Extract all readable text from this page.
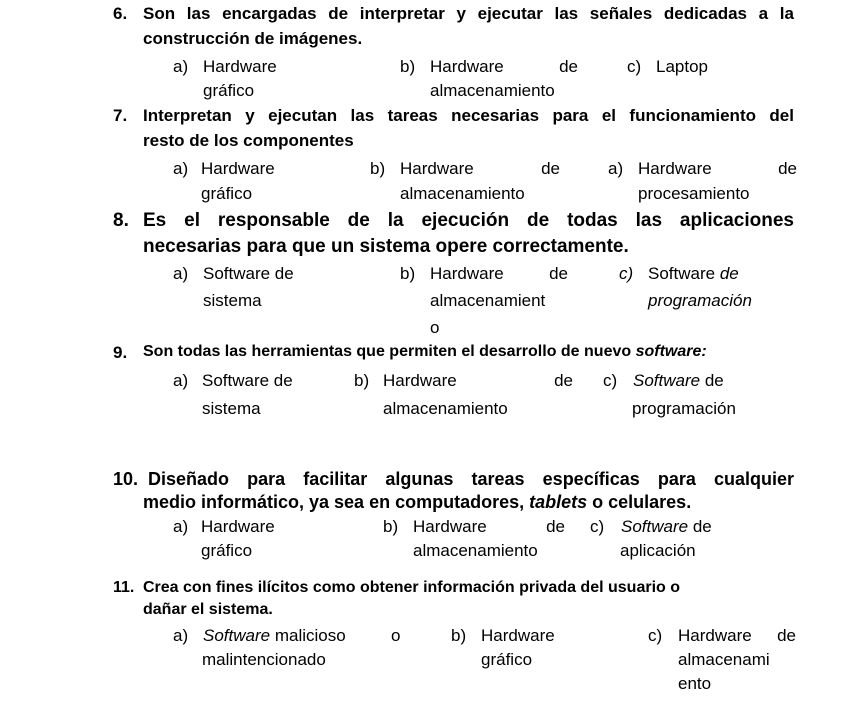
6. Son las encargadas de interpretar y ejecutar las señales dedicadas a la
construcción de imágenes.
a) Hardware
gráfico
b) Hardware	de
almacenamiento
c) Laptop
7. Interpretan y ejecutan las tareas necesarias para el funcionamiento del
resto de los componentes
a) Hardware
gráfico
b) Hardware	de
almacenamiento
a) Hardware	de
procesamiento
8. Es el responsable de la ejecución de todas las aplicaciones
necesarias para que un sistema opere correctamente.
a) Software de
sistema
b) Hardware	de
almacenamient
o
c) Software de
programación
9. Son todas las herramientas que permiten el desarrollo de nuevo software:
a) Software de
sistema
b) Hardware	de
almacenamiento
c) Software de
programación
10. Diseñado para facilitar algunas tareas específicas para cualquier
medio informático, ya sea en computadores, tablets o celulares.
a) Hardware
gráfico
b) Hardware	de
almacenamiento
c) Software de
aplicación
11. Crea con fines ilícitos como obtener información privada del usuario o
dañar el sistema.
a) Software malicioso	o
malintencionado
b) Hardware
gráfico
c) Hardware de
almacenami
ento
